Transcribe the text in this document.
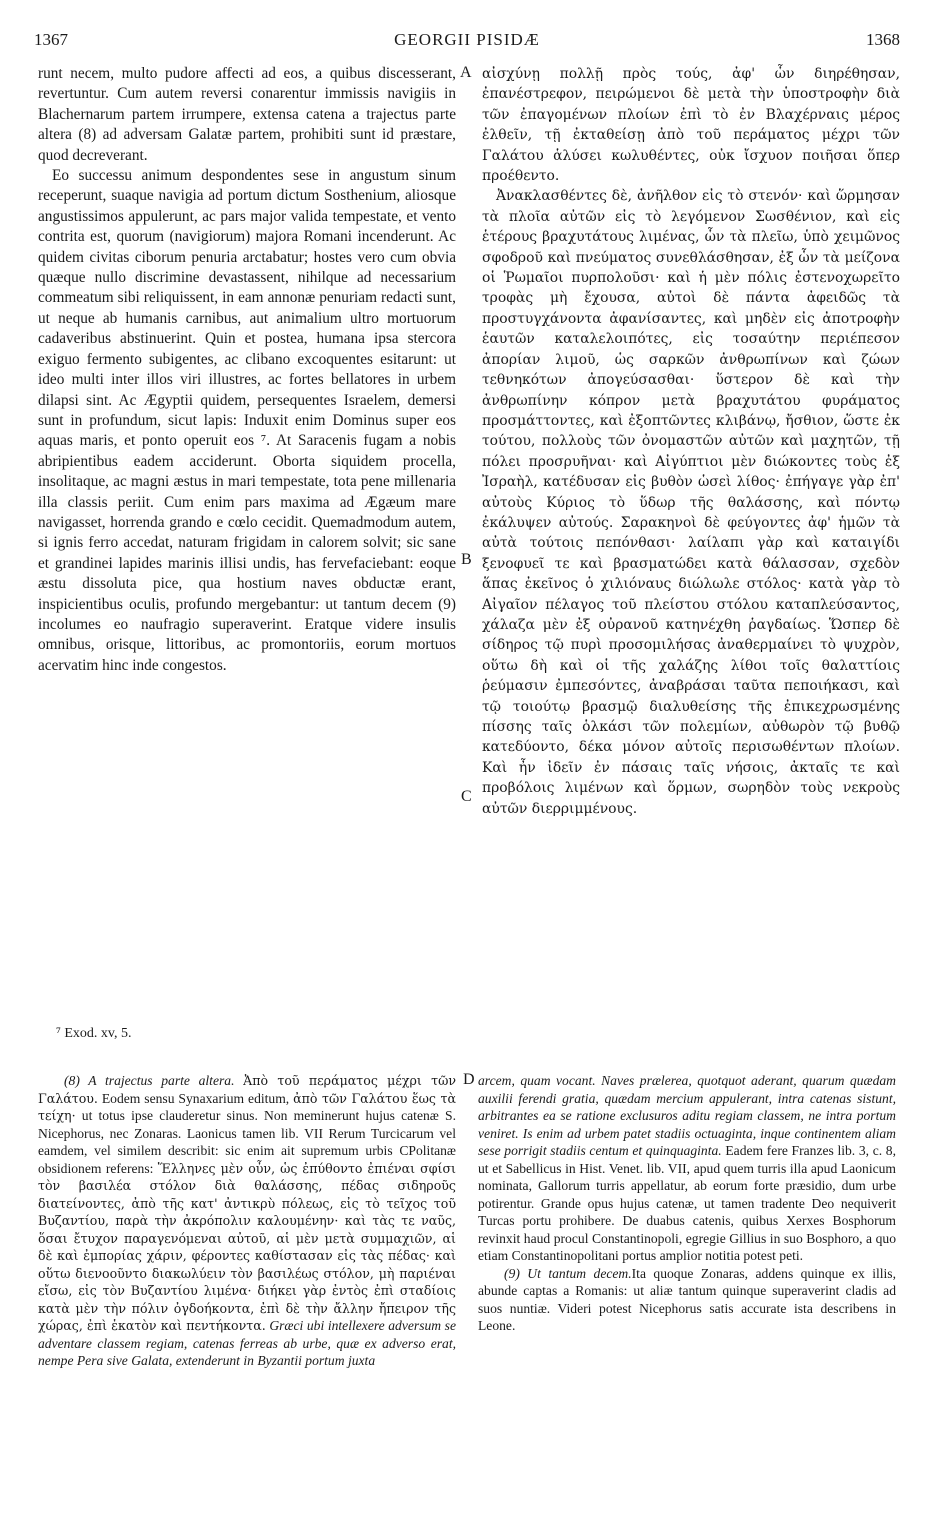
1367	GEORGII PISIDÆ	1368

runt necem, multo pudore affecti ad eos, a quibus discesserant, revertuntur. Cum autem reversi conarentur immissis navigiis in Blachernarum partem irrumpere, extensa catena a trajectus parte altera (8) ad adversam Galatæ partem, prohibiti sunt id præstare, quod decreverant.

Eo successu animum despondentes sese in angustum sinum receperunt, suaque navigia ad portum dictum Sosthenium, aliosque angustissimos appulerunt, ac pars major valida tempestate, et vento contrita est, quorum (navigiorum) majora Romani incenderunt. Ac quidem civitas ciborum penuria arctabatur; hostes vero cum obvia quæque nullo discrimine devastassent, nihilque ad necessarium commeatum sibi reliquissent, in eam annonæ penuriam redacti sunt, ut neque ab humanis carnibus, aut animalium ultro mortuorum cadaveribus abstinuerint. Quin et postea, humana ipsa stercora exiguo fermento subigentes, ac clibano excoquentes esitarunt: ut ideo multi inter illos viri illustres, ac fortes bellatores in urbem dilapsi sint. Ac Ægyptii quidem, persequentes Israelem, demersi sunt in profundum, sicut lapis: Induxit enim Dominus super eos aquas maris, et ponto operuit eos ⁷. At Saracenis fugam a nobis abripientibus eadem acciderunt. Oborta siquidem procella, insolitaque, ac magni æstus in mari tempestate, tota pene millenaria illa classis periit. Cum enim pars maxima ad Ægæum mare navigasset, horrenda grando e cœlo cecidit. Quemadmodum autem, si ignis ferro accedat, naturam frigidam in calorem solvit; sic sane et grandinei lapides marinis illisi undis, has fervefaciebant: eoque æstu dissoluta pice, qua hostium naves obductæ erant, inspicientibus oculis, profundo mergebantur: ut tantum decem (9) incolumes eo naufragio superaverint. Eratque videre insulis omnibus, orisque, littoribus, ac promontoriis, eorum mortuos acervatim hinc inde congestos.

αἰσχύνῃ πολλῇ πρὸς τούς, ἀφ' ὧν διηρέθησαν, ἐπανέστρεφον, πειρώμενοι δὲ μετὰ τὴν ὑποστροφὴν διὰ τῶν ἐπαγομένων πλοίων ἐπὶ τὸ ἐν Βλαχέρναις μέρος ἐλθεῖν, τῇ ἐκταθείσῃ ἀπὸ τοῦ περάματος μέχρι τῶν Γαλάτου ἁλύσει κωλυθέντες, οὐκ ἴσχυον ποιῆσαι ὅπερ προέθεντο.

Ἀνακλασθέντες δὲ, ἀνῆλθον εἰς τὸ στενόν· καὶ ὥρμησαν τὰ πλοῖα αὐτῶν εἰς τὸ λεγόμενον Σωσθένιον, καὶ εἰς ἑτέρους βραχυτάτους λιμένας, ὧν τὰ πλεῖω, ὑπὸ χειμῶνος σφοδροῦ καὶ πνεύματος συνεθλάσθησαν, ἐξ ὧν τὰ μείζονα οἱ Ῥωμαῖοι πυρπολοῦσι· καὶ ἡ μὲν πόλις ἐστενοχωρεῖτο τροφὰς μὴ ἔχουσα, αὐτοὶ δὲ πάντα ἀφειδῶς τὰ προστυγχάνοντα ἀφανίσαντες, καὶ μηδὲν εἰς ἀποτροφὴν ἑαυτῶν καταλελοιπότες, εἰς τοσαύτην περιέπεσον ἀπορίαν λιμοῦ, ὡς σαρκῶν ἀνθρωπίνων καὶ ζώων τεθνηκότων ἀπογεύσασθαι· ὕστερον δὲ καὶ τὴν ἀνθρωπίνην κόπρον μετὰ βραχυτάτου φυράματος προσμάττοντες, καὶ ἐξοπτῶντες κλιβάνῳ, ἤσθιον, ὥστε ἐκ τούτου, πολλοὺς τῶν ὀνομαστῶν αὐτῶν καὶ μαχητῶν, τῇ πόλει προσρυῆναι· καὶ Αἰγύπτιοι μὲν διώκοντες τοὺς ἐξ Ἰσραὴλ, κατέδυσαν εἰς βυθὸν ὡσεὶ λίθος· ἐπήγαγε γὰρ ἐπ' αὐτοὺς Κύριος τὸ ὕδωρ τῆς θαλάσσης, καὶ πόντῳ ἐκάλυψεν αὐτούς. Σαρακηνοὶ δὲ φεύγοντες ἀφ' ἡμῶν τὰ αὐτὰ τούτοις πεπόνθασι· λαίλαπι γὰρ καὶ καταιγίδι ξενοφυεῖ τε καὶ βρασματώδει κατὰ θάλασσαν, σχεδὸν ἅπας ἐκεῖνος ὁ χιλιόναυς διώλωλε στόλος· κατὰ γὰρ τὸ Αἰγαῖον πέλαγος τοῦ πλείστου στόλου καταπλεύσαντος, χάλαζα μὲν ἐξ οὐρανοῦ κατηνέχθη ῥαγδαίως. Ὥσπερ δὲ σίδηρος τῷ πυρὶ προσομιλήσας ἀναθερμαίνει τὸ ψυχρὸν, οὕτω δὴ καὶ οἱ τῆς χαλάζης λίθοι τοῖς θαλαττίοις ῥεύμασιν ἐμπεσόντες, ἀναβράσαι ταῦτα πεποιήκασι, καὶ τῷ τοιούτῳ βρασμῷ διαλυθείσης τῆς ἐπικεχρωσμένης πίσσης ταῖς ὁλκάσι τῶν πολεμίων, αὐθωρὸν τῷ βυθῷ κατεδύοντο, δέκα μόνον αὐτοῖς περισωθέντων πλοίων. Καὶ ἦν ἰδεῖν ἐν πάσαις ταῖς νήσοις, ἀκταῖς τε καὶ προβόλοις λιμένων καὶ ὅρμων, σωρηδὸν τοὺς νεκροὺς αὐτῶν διερριμμένους.

A
B
C
D
⁷ Exod. xv, 5.

(8) A trajectus parte altera. Ἀπὸ τοῦ περάματος μέχρι τῶν Γαλάτου. Eodem sensu Synaxarium editum, ἀπὸ τῶν Γαλάτου ἕως τὰ τείχη· ut totus ipse clauderetur sinus. Non meminerunt hujus catenæ S. Nicephorus, nec Zonaras. Laonicus tamen lib. VII Rerum Turcicarum vel eamdem, vel similem describit: sic enim ait supremum urbis CPolitanæ obsidionem referens: Ἕλληνες μὲν οὖν, ὡς ἐπύθοντο ἐπιέναι σφίσι τὸν βασιλέα στόλον διὰ θαλάσσης, πέδας σιδηροῦς διατείνοντες, ἀπὸ τῆς κατ' ἀντικρὺ πόλεως, εἰς τὸ τεῖχος τοῦ Βυζαντίου, παρὰ τὴν ἀκρόπολιν καλουμένην· καὶ τὰς τε ναῦς, ὅσαι ἔτυχον παραγενόμεναι αὐτοῦ, αἱ μὲν μετὰ συμμαχιῶν, αἱ δὲ καὶ ἐμπορίας χάριν, φέροντες καθίστασαν εἰς τὰς πέδας· καὶ οὕτω διενοοῦντο διακωλύειν τὸν βασιλέως στόλον, μὴ παριέναι εἴσω, εἰς τὸν Βυζαντίου λιμένα· διήκει γὰρ ἐντὸς ἐπὶ σταδίοις κατὰ μὲν τὴν πόλιν ὀγδοήκοντα, ἐπὶ δὲ τὴν ἄλλην ἤπειρον τῆς χώρας, ἐπὶ ἑκατὸν καὶ πεντήκοντα. Græci ubi intellexere adversum se adventare classem regiam, catenas ferreas ab urbe, quæ ex adverso erat, nempe Pera sive Galata, extenderunt in Byzantii portum juxta

arcem, quam vocant. Naves prælerea, quotquot aderant, quarum quædam auxilii ferendi gratia, quædam mercium appulerant, intra catenas sistunt, arbitrantes ea se ratione exclusuros aditu regiam classem, ne intra portum veniret. Is enim ad urbem patet stadiis octuaginta, inque continentem aliam sese porrigit stadiis centum et quinquaginta. Eadem fere Franzes lib. 3, c. 8, ut et Sabellicus in Hist. Venet. lib. VII, apud quem turris illa apud Laonicum nominata, Gallorum turris appellatur, ab eorum forte præsidio, dum urbe potirentur. Grande opus hujus catenæ, ut tamen tradente Deo nequiverit Turcas portu prohibere. De duabus catenis, quibus Xerxes Bosphorum revinxit haud procul Constantinopoli, egregie Gillius in suo Bosphoro, a quo etiam Constantinopolitani portus amplior notitia potest peti.

(9) Ut tantum decem.Ita quoque Zonaras, addens quinque ex illis, abunde captas a Romanis: ut aliæ tantum quinque superaverint cladis ad suos nuntiæ. Videri potest Nicephorus satis accurate ista describens in Leone.
